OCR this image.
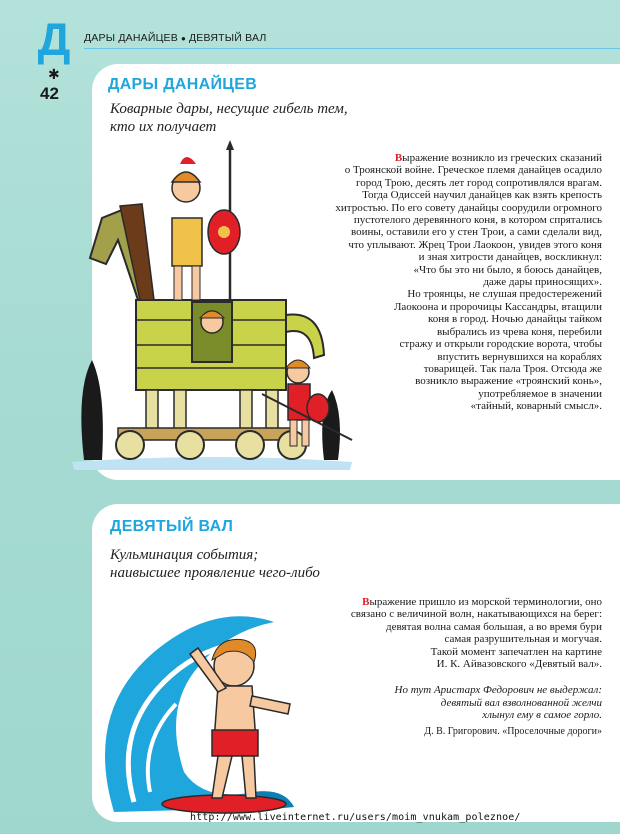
Д
✱
42
ДАРЫ ДАНАЙЦЕВ ● ДЕВЯТЫЙ ВАЛ
ДАРЫ ДАНАЙЦЕВ
Коварные дары, несущие гибель тем,
кто их получает
Выражение возникло из греческих сказаний
о Троянской войне. Греческое племя данайцев осадило
город Трою, десять лет город сопротивлялся врагам.
Тогда Одиссей научил данайцев как взять крепость
хитростью. По его совету данайцы соорудили огромного
пустотелого деревянного коня, в котором спрятались
воины, оставили его у стен Трои, а сами сделали вид,
что уплывают. Жрец Трои Лаокоон, увидев этого коня
и зная хитрости данайцев, воскликнул:
«Что бы это ни было, я боюсь данайцев,
даже дары приносящих».
Но троянцы, не слушая предостережений
Лаокоона и пророчицы Кассандры, втащили
коня в город. Ночью данайцы тайком
выбрались из чрева коня, перебили
стражу и открыли городские ворота, чтобы
впустить вернувшихся на кораблях
товарищей. Так пала Троя. Отсюда же
возникло выражение «троянский конь»,
употребляемое в значении
«тайный, коварный смысл».
ДЕВЯТЫЙ ВАЛ
Кульминация события;
наивысшее проявление чего-либо
Выражение пришло из морской терминологии, оно
связано с величиной волн, накатывающихся на берег:
девятая волна самая большая, а во время бури
самая разрушительная и могучая.
Такой момент запечатлен на картине
И. К. Айвазовского «Девятый вал».
Но тут Аристарх Федорович не выдержал:
девятый вал взволнованной желчи
хлынул ему в самое горло.
Д. В. Григорович. «Проселочные дороги»
http://www.liveinternet.ru/users/moim_vnukam_poleznoe/
